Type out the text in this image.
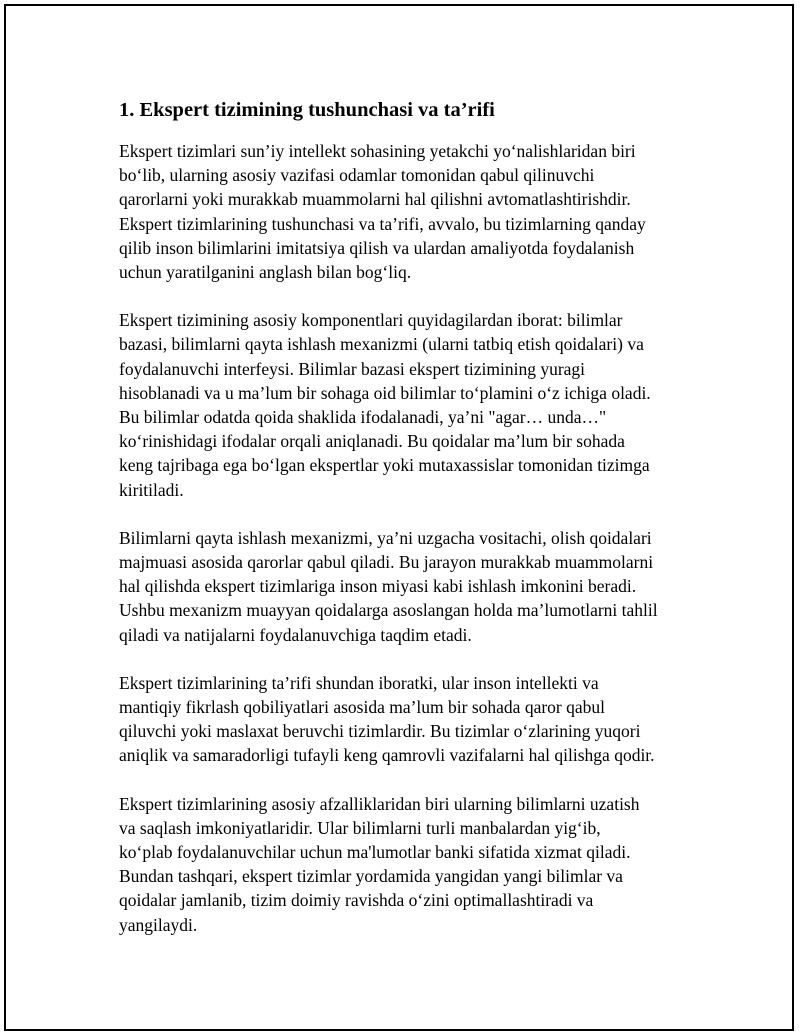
1. Ekspert tizimining tushunchasi va ta’rifi

Ekspert tizimlari sun’iy intellekt sohasining yetakchi yo‘nalishlaridan biri
bo‘lib, ularning asosiy vazifasi odamlar tomonidan qabul qilinuvchi
qarorlarni yoki murakkab muammolarni hal qilishni avtomatlashtirishdir.
Ekspert tizimlarining tushunchasi va ta’rifi, avvalo, bu tizimlarning qanday
qilib inson bilimlarini imitatsiya qilish va ulardan amaliyotda foydalanish
uchun yaratilganini anglash bilan bog‘liq.

Ekspert tizimining asosiy komponentlari quyidagilardan iborat: bilimlar
bazasi, bilimlarni qayta ishlash mexanizmi (ularni tatbiq etish qoidalari) va
foydalanuvchi interfeysi. Bilimlar bazasi ekspert tizimining yuragi
hisoblanadi va u ma’lum bir sohaga oid bilimlar to‘plamini o‘z ichiga oladi.
Bu bilimlar odatda qoida shaklida ifodalanadi, ya’ni "agar… unda…"
ko‘rinishidagi ifodalar orqali aniqlanadi. Bu qoidalar ma’lum bir sohada
keng tajribaga ega bo‘lgan ekspertlar yoki mutaxassislar tomonidan tizimga
kiritiladi.

Bilimlarni qayta ishlash mexanizmi, ya’ni uzgacha vositachi, olish qoidalari
majmuasi asosida qarorlar qabul qiladi. Bu jarayon murakkab muammolarni
hal qilishda ekspert tizimlariga inson miyasi kabi ishlash imkonini beradi.
Ushbu mexanizm muayyan qoidalarga asoslangan holda ma’lumotlarni tahlil
qiladi va natijalarni foydalanuvchiga taqdim etadi.

Ekspert tizimlarining ta’rifi shundan iboratki, ular inson intellekti va
mantiqiy fikrlash qobiliyatlari asosida ma’lum bir sohada qaror qabul
qiluvchi yoki maslaxat beruvchi tizimlardir. Bu tizimlar o‘zlarining yuqori
aniqlik va samaradorligi tufayli keng qamrovli vazifalarni hal qilishga qodir.

Ekspert tizimlarining asosiy afzalliklaridan biri ularning bilimlarni uzatish
va saqlash imkoniyatlaridir. Ular bilimlarni turli manbalardan yig‘ib,
ko‘plab foydalanuvchilar uchun ma'lumotlar banki sifatida xizmat qiladi.
Bundan tashqari, ekspert tizimlar yordamida yangidan yangi bilimlar va
qoidalar jamlanib, tizim doimiy ravishda o‘zini optimallashtiradi va
yangilaydi.
